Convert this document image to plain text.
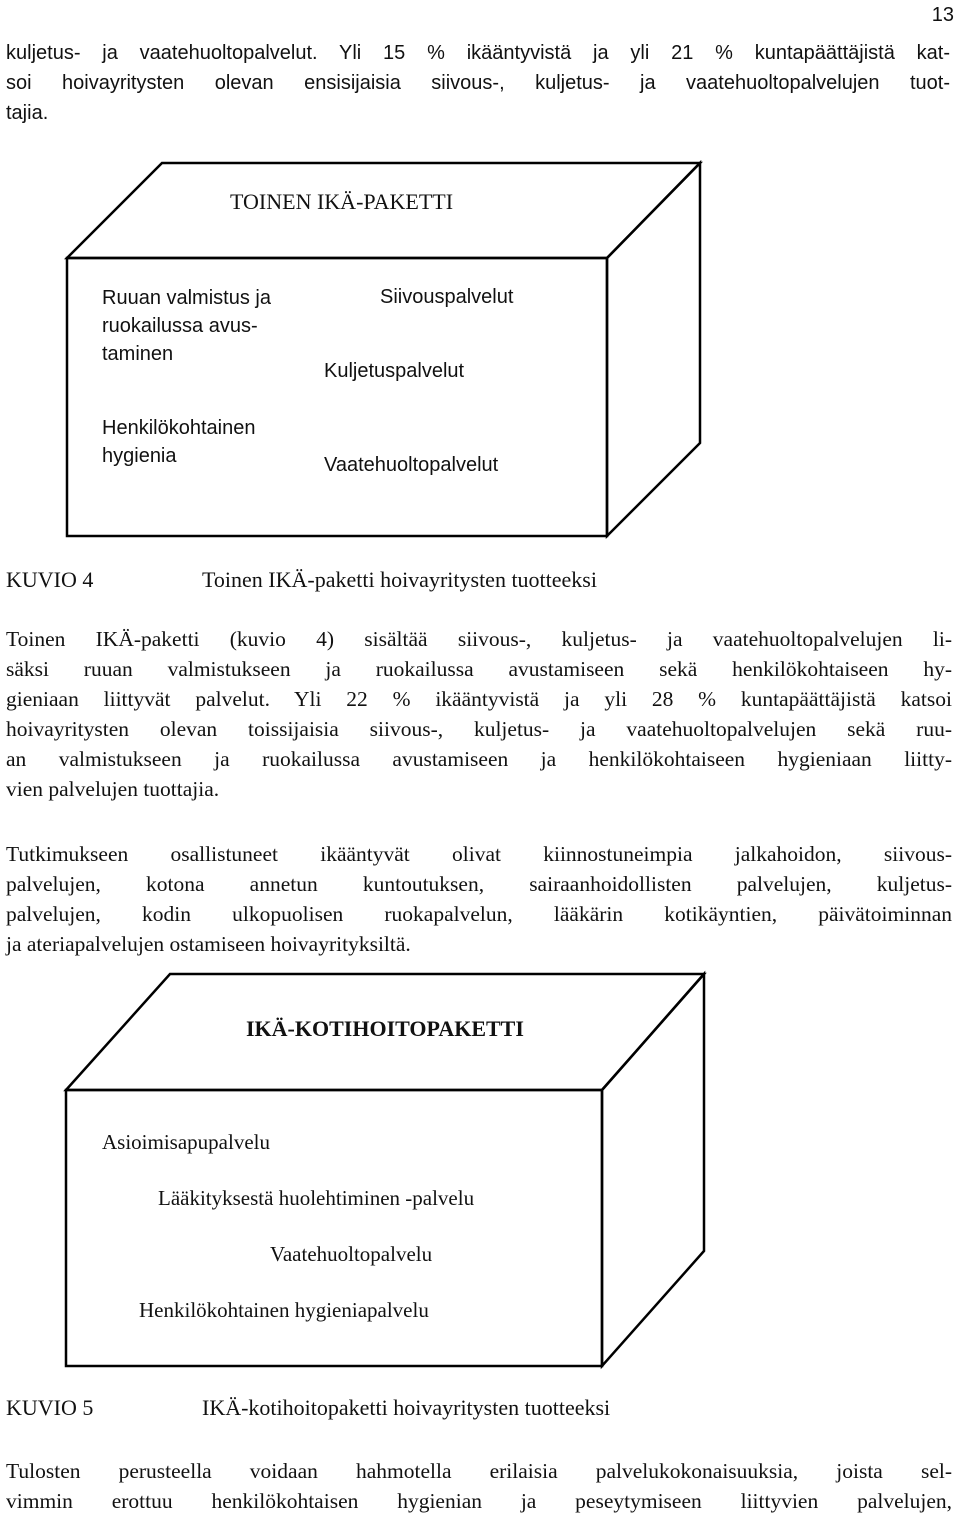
13
kuljetus- ja vaatehuoltopalvelut. Yli 15 % ikääntyvistä ja yli 21 % kuntapäättäjistä kat-
soi hoivayritysten olevan ensisijaisia siivous-, kuljetus- ja vaatehuoltopalvelujen tuot-
tajia.
TOINEN IKÄ-PAKETTI
Ruuan valmistus ja
ruokailussa avus-
taminen
Siivouspalvelut
Kuljetuspalvelut
Henkilökohtainen
hygienia	Vaatehuoltopalvelut
KUVIO 4	Toinen IKÄ-paketti hoivayritysten tuotteeksi
Toinen IKÄ-paketti (kuvio 4) sisältää siivous-, kuljetus- ja vaatehuoltopalvelujen li-
säksi ruuan valmistukseen ja ruokailussa avustamiseen sekä henkilökohtaiseen hy-
gieniaan liittyvät palvelut. Yli 22 % ikääntyvistä ja yli 28 % kuntapäättäjistä katsoi
hoivayritysten olevan toissijaisia siivous-, kuljetus- ja vaatehuoltopalvelujen sekä ruu-
an valmistukseen ja ruokailussa avustamiseen ja henkilökohtaiseen hygieniaan liitty-
vien palvelujen tuottajia.
Tutkimukseen osallistuneet ikääntyvät olivat kiinnostuneimpia jalkahoidon, siivous-
palvelujen, kotona annetun kuntoutuksen, sairaanhoidollisten palvelujen, kuljetus-
palvelujen, kodin ulkopuolisen ruokapalvelun, lääkärin kotikäyntien, päivätoiminnan
ja ateriapalvelujen ostamiseen hoivayrityksiltä.
IKÄ-KOTIHOITOPAKETTI
Asioimisapupalvelu
Lääkityksestä huolehtiminen -palvelu
Vaatehuoltopalvelu
Henkilökohtainen hygieniapalvelu
KUVIO 5	IKÄ-kotihoitopaketti hoivayritysten tuotteeksi
Tulosten perusteella voidaan hahmotella erilaisia palvelukokonaisuuksia, joista sel-
vimmin erottuu henkilökohtaisen hygienian ja peseytymiseen liittyvien palvelujen,
